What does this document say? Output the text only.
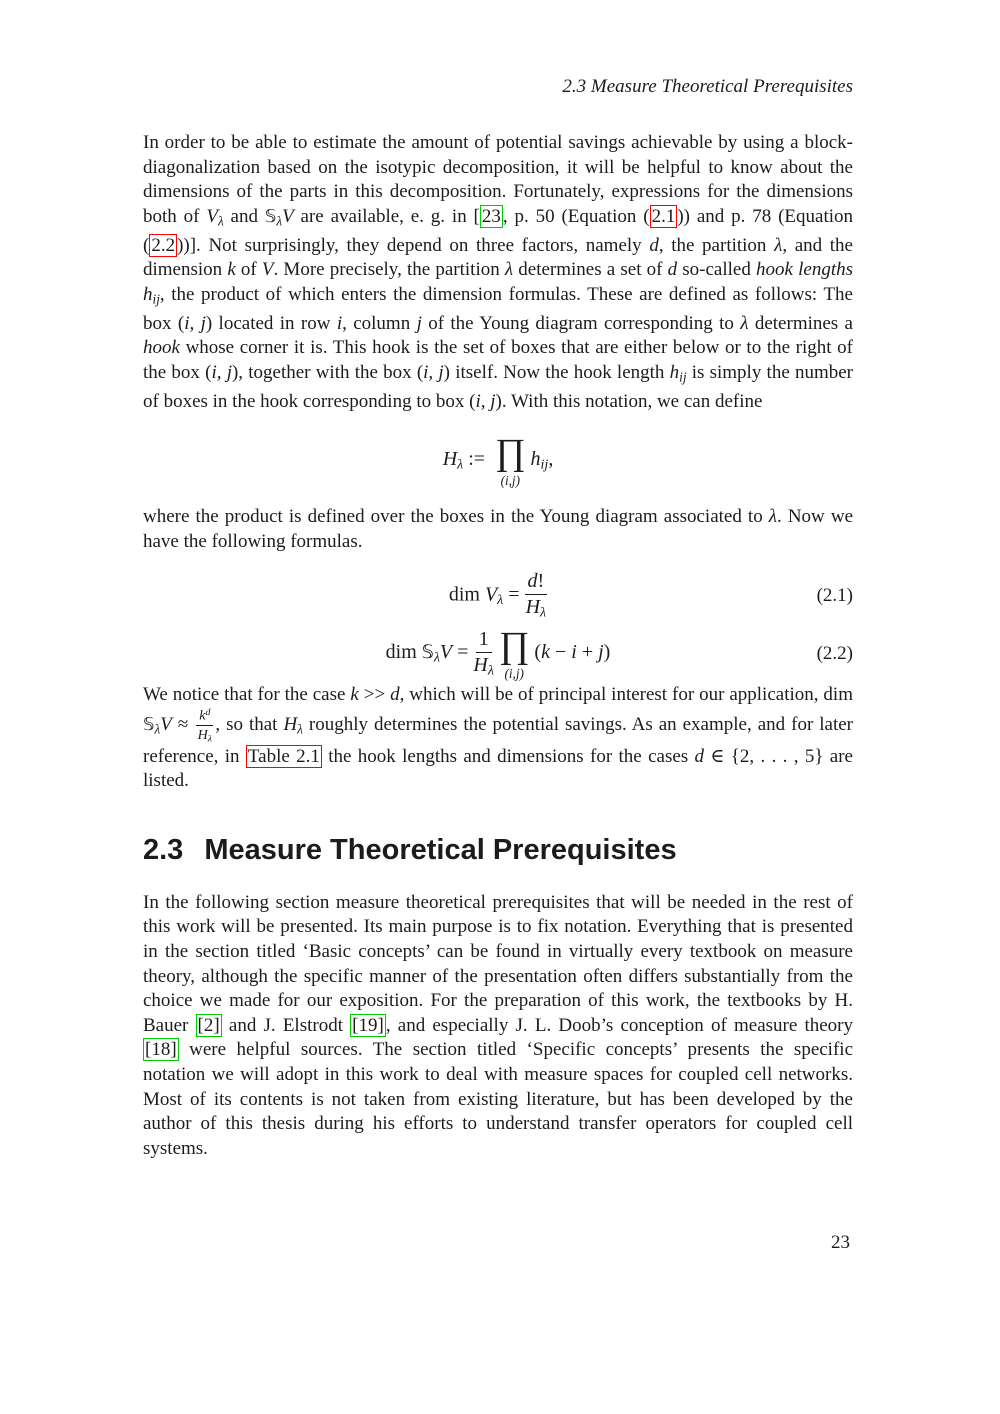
2.3 Measure Theoretical Prerequisites

In order to be able to estimate the amount of potential savings achievable by using a block-diagonalization based on the isotypic decomposition, it will be helpful to know about the dimensions of the parts in this decomposition. Fortunately, expressions for the dimensions both of Vλ and 𝕊λV are available, e. g. in [ 23 , p. 50 (Equation ( 2.1 )) and p. 78 (Equation ( 2.2 ))]. Not surprisingly, they depend on three factors, namely d, the partition λ, and the dimension k of V. More precisely, the partition λ determines a set of d so-called hook lengths hij, the product of which enters the dimension formulas. These are defined as follows: The box (i, j) located in row i, column j of the Young diagram corresponding to λ determines a hook whose corner it is. This hook is the set of boxes that are either below or to the right of the box (i, j), together with the box (i, j) itself. Now the hook length hij is simply the number of boxes in the hook corresponding to box (i, j). With this notation, we can define

Hλ := ∏
(i,j)
hij,

where the product is defined over the boxes in the Young diagram associated to λ. Now we have the following formulas.

dim $V\lambda = \frac{d!}{H\lambda}$	(2.1)
dim 𝕊λV = $\frac{1}{H\lambda}$ ∏
(i,j)
(k − i + j)	(2.2)

We notice that for the case k >> d, which will be of principal interest for our application, dim 𝕊λV ≈ $\frac{k^d}{H\lambda}$ , so that Hλ roughly determines the potential savings. As an example, and for later reference, in Table 2.1 the hook lengths and dimensions for the cases d ∈ {2, . . . , 5} are listed.

2.3 Measure Theoretical Prerequisites

In the following section measure theoretical prerequisites that will be needed in the rest of this work will be presented. Its main purpose is to fix notation. Everything that is presented in the section titled ‘Basic concepts’ can be found in virtually every textbook on measure theory, although the specific manner of the presentation often differs substantially from the choice we made for our exposition. For the preparation of this work, the textbooks by H. Bauer [2] and J. Elstrodt [19] , and especially J. L. Doob’s conception of measure theory [18] were helpful sources. The section titled ‘Specific concepts’ presents the specific notation we will adopt in this work to deal with measure spaces for coupled cell networks. Most of its contents is not taken from existing literature, but has been developed by the author of this thesis during his efforts to understand transfer operators for coupled cell systems.

23
